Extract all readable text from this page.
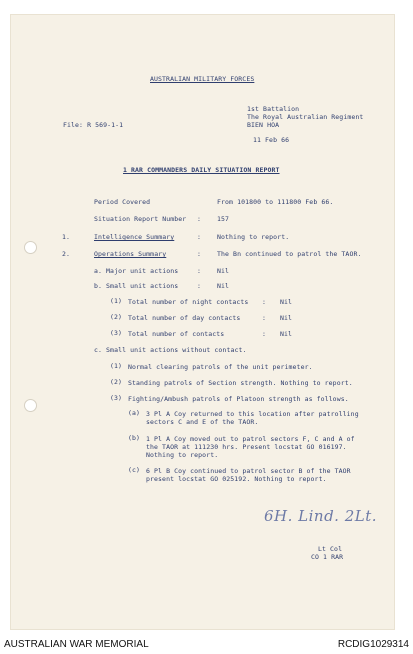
AUSTRALIAN MILITARY FORCES
File: R 569-1-1
1st Battalion
The Royal Australian Regiment
BIEN HOA
11 Feb 66
1 RAR COMMANDERS DAILY SITUATION REPORT
Period Covered	From 101800 to 111800 Feb 66.
Situation Report Number : 157
1.	Intelligence Summary	: Nothing to report.
2.	Operations Summary	: The Bn continued to patrol the TAOR.
a. Major unit actions	: Nil
b. Small unit actions	: Nil
(1) Total number of night contacts : Nil
(2) Total number of day contacts	: Nil
(3) Total number of contacts	: Nil
c. Small unit actions without contact.
(1) Normal clearing patrols of the unit perimeter.
(2) Standing patrols of Section strength. Nothing to report.
(3) Fighting/Ambush patrols of Platoon strength as follows.
(a) 3 Pl A Coy returned to this location after patrolling
sectors C and E of the TAOR.
(b) 1 Pl A Coy moved out to patrol sectors F, C and A of
the TAOR at 111230 hrs. Present locstat GO 016197.
Nothing to report.
(c) 6 Pl B Coy continued to patrol sector B of the TAOR
present locstat GO 025192. Nothing to report.
6H. Lind. 2Lt.
Lt Col
CO 1 RAR
AUSTRALIAN WAR MEMORIAL	RCDIG1029314
